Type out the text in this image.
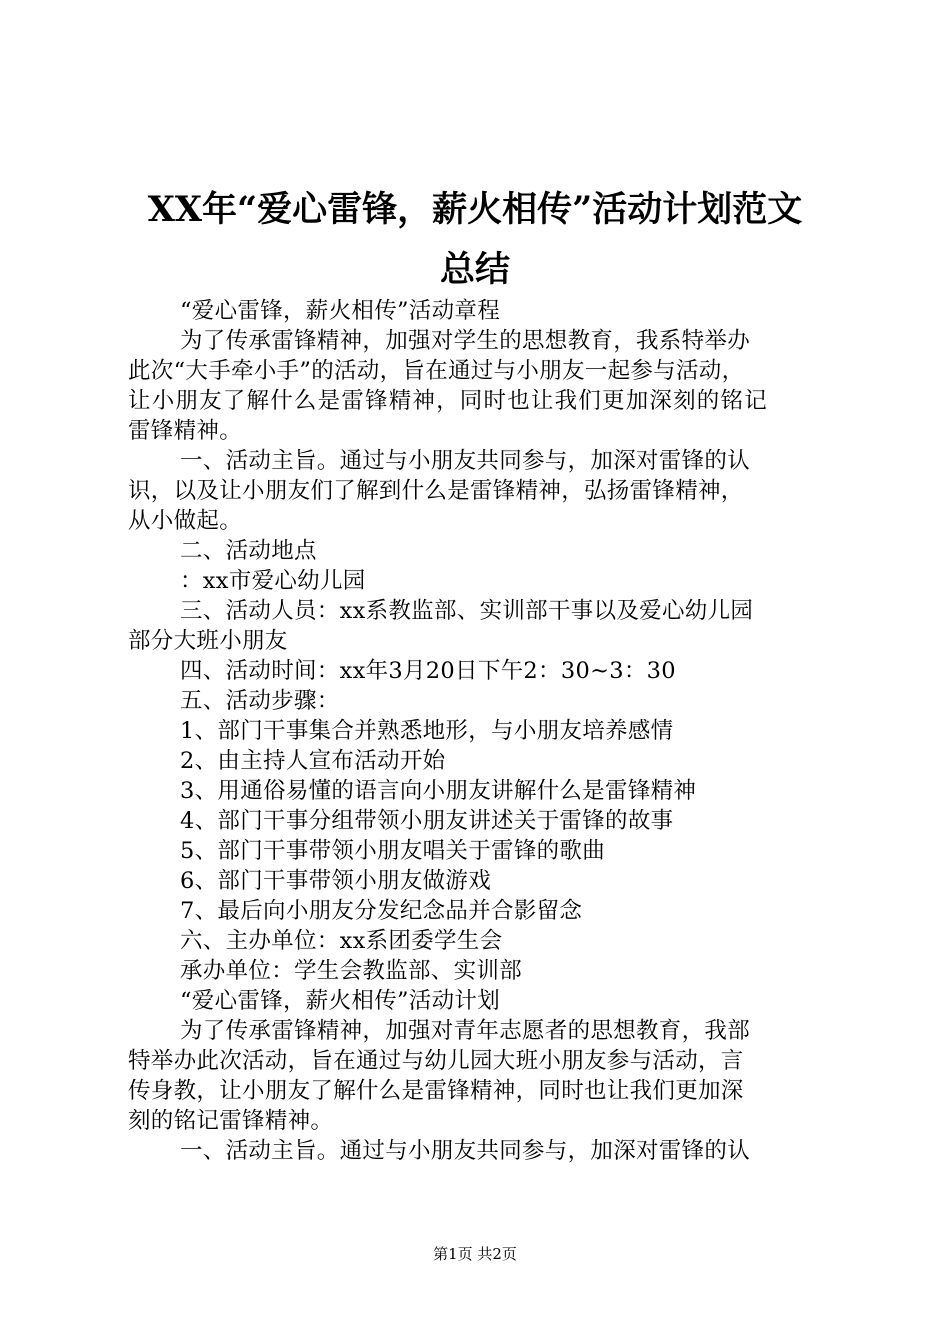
XX年“爱心雷锋，薪火相传”活动计划范文
总结
“爱心雷锋，薪火相传”活动章程
为了传承雷锋精神，加强对学生的思想教育，我系特举办
此次“大手牵小手”的活动，旨在通过与小朋友一起参与活动，
让小朋友了解什么是雷锋精神，同时也让我们更加深刻的铭记
雷锋精神。
一、活动主旨。通过与小朋友共同参与，加深对雷锋的认
识，以及让小朋友们了解到什么是雷锋精神，弘扬雷锋精神，
从小做起。
二、活动地点
：xx市爱心幼儿园
三、活动人员：xx系教监部、实训部干事以及爱心幼儿园
部分大班小朋友
四、活动时间：xx年3月20日下午2：30~3：30
五、活动步骤：
1、部门干事集合并熟悉地形，与小朋友培养感情
2、由主持人宣布活动开始
3、用通俗易懂的语言向小朋友讲解什么是雷锋精神
4、部门干事分组带领小朋友讲述关于雷锋的故事
5、部门干事带领小朋友唱关于雷锋的歌曲
6、部门干事带领小朋友做游戏
7、最后向小朋友分发纪念品并合影留念
六、主办单位：xx系团委学生会
承办单位：学生会教监部、实训部
“爱心雷锋，薪火相传”活动计划
为了传承雷锋精神，加强对青年志愿者的思想教育，我部
特举办此次活动，旨在通过与幼儿园大班小朋友参与活动，言
传身教，让小朋友了解什么是雷锋精神，同时也让我们更加深
刻的铭记雷锋精神。
一、活动主旨。通过与小朋友共同参与，加深对雷锋的认
第1页 共2页
